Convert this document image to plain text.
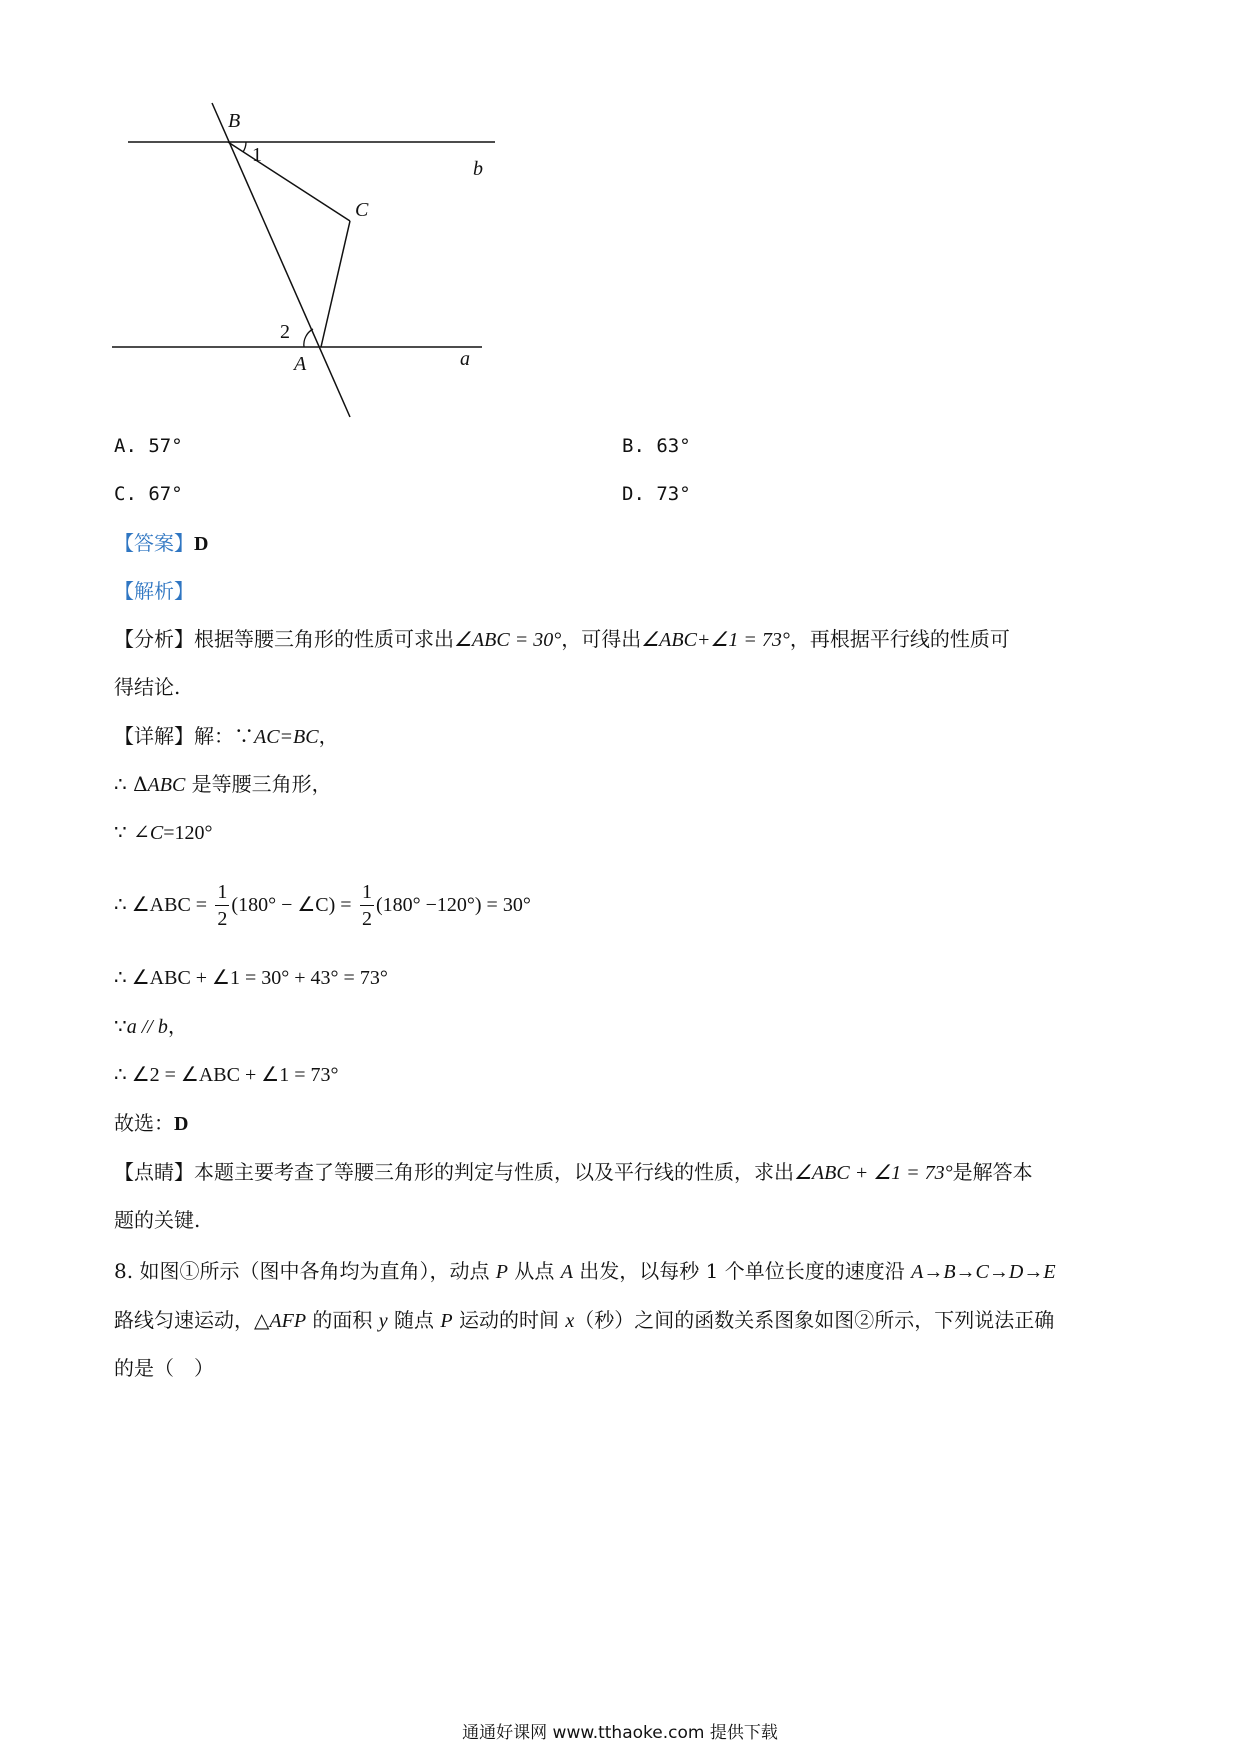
B
1
b
C
2
A	a
A. 57°	B. 63°
C. 67°	D. 73°
【答案】D
【解析】
【分析】根据等腰三角形的性质可求出∠ABC = 30°，可得出∠ABC+∠1 = 73°，再根据平行线的性质可
得结论.
【详解】解：∵AC=BC，
∴ ΔABC 是等腰三角形，
∵ ∠C=120°
∴ ∠ABC = $\frac{1}{2} (180^\circ$ − ∠C) = $\frac{1}{2} (180^\circ -120^\circ) = 30^\circ$
∴ ∠ABC + ∠1 = 30° + 43° = 73°
∵a // b，
∴ ∠2 = ∠ABC + ∠1 = 73°
故选：D
【点睛】本题主要考查了等腰三角形的判定与性质，以及平行线的性质，求出∠ABC + ∠1 = 73°是解答本
题的关键.
8. 如图①所示（图中各角均为直角），动点 P 从点 A 出发，以每秒 1 个单位长度的速度沿 A→B→C→D→E
路线匀速运动，△AFP 的面积 y 随点 P 运动的时间 x（秒）之间的函数关系图象如图②所示，下列说法正确
的是（　）
通通好课网 www.tthaoke.com 提供下载
